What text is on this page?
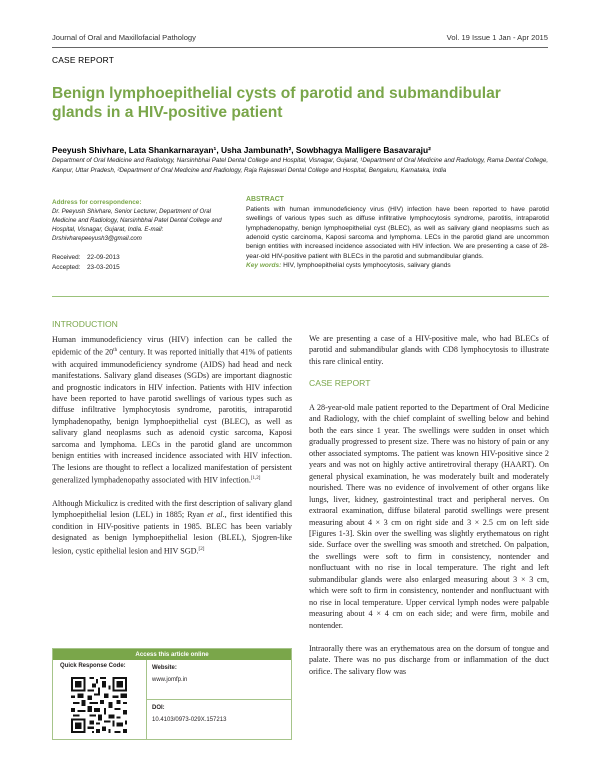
Journal of Oral and Maxillofacial Pathology	Vol. 19 Issue 1 Jan - Apr 2015
CASE REPORT
Benign lymphoepithelial cysts of parotid and submandibular glands in a HIV-positive patient
Peeyush Shivhare, Lata Shankarnarayan¹, Usha Jambunath², Sowbhagya Malligere Basavaraju²
Department of Oral Medicine and Radiology, Narsinhbhai Patel Dental College and Hospital, Visnagar, Gujarat, ¹Department of Oral Medicine and Radiology, Rama Dental College, Kanpur, Uttar Pradesh, ²Department of Oral Medicine and Radiology, Raja Rajeswari Dental College and Hospital, Bengaluru, Karnataka, India
Address for correspondence:
Dr. Peeyush Shivhare, Senior Lecturer, Department of Oral Medicine and Radiology, Narsinhbhai Patel Dental College and Hospital, Visnagar, Gujarat, India. E-mail: Drshivharepeeyush3@gmail.com
Received: 22-09-2013
Accepted: 23-03-2015
ABSTRACT
Patients with human immunodeficiency virus (HIV) infection have been reported to have parotid swellings of various types such as diffuse infiltrative lymphocytosis syndrome, parotitis, intraparotid lymphadenopathy, benign lymphoepithelial cyst (BLEC), as well as salivary gland neoplasms such as adenoid cystic carcinoma, Kaposi sarcoma and lymphoma. LECs in the parotid gland are uncommon benign entities with increased incidence associated with HIV infection. We are presenting a case of 28-year-old HIV-positive patient with BLECs in the parotid and submandibular glands.
Key words: HIV, lymphoepithelial cysts lymphocytosis, salivary glands
INTRODUCTION

Human immunodeficiency virus (HIV) infection can be called the epidemic of the 20th century. It was reported initially that 41% of patients with acquired immunodeficiency syndrome (AIDS) had head and neck manifestations. Salivary gland diseases (SGDs) are important diagnostic and prognostic indicators in HIV infection. Patients with HIV infection have been reported to have parotid swellings of various types such as diffuse infiltrative lymphocytosis syndrome, parotitis, intraparotid lymphadenopathy, benign lymphoepithelial cyst (BLEC), as well as salivary gland neoplasms such as adenoid cystic sarcoma, Kaposi sarcoma and lymphoma. LECs in the parotid gland are uncommon benign entities with increased incidence associated with HIV infection. The lesions are thought to reflect a localized manifestation of persistent generalized lymphadenopathy associated with HIV infection.[1,2]

Although Mickulicz is credited with the first description of salivary gland lymphoepithelial lesion (LEL) in 1885; Ryan et al., first identified this condition in HIV-positive patients in 1985. BLEC has been variably designated as benign lymphoepithelial lesion (BLEL), Sjogren-like lesion, cystic epithelial lesion and HIV SGD.[2]

We are presenting a case of a HIV-positive male, who had BLECs of parotid and submandibular glands with CD8 lymphocytosis to illustrate this rare clinical entity.

CASE REPORT

A 28-year-old male patient reported to the Department of Oral Medicine and Radiology, with the chief complaint of swelling below and behind both the ears since 1 year. The swellings were sudden in onset which gradually progressed to present size. There was no history of pain or any other associated symptoms. The patient was known HIV-positive since 2 years and was not on highly active antiretroviral therapy (HAART). On general physical examination, he was moderately built and moderately nourished. There was no evidence of involvement of other organs like lungs, liver, kidney, gastrointestinal tract and peripheral nerves. On extraoral examination, diffuse bilateral parotid swellings were present measuring about 4 × 3 cm on right side and 3 × 2.5 cm on left side [Figures 1-3]. Skin over the swelling was slightly erythematous on right side. Surface over the swelling was smooth and stretched. On palpation, the swellings were soft to firm in consistency, nontender and nonfluctuant with no rise in local temperature. The right and left submandibular glands were also enlarged measuring about 3 × 3 cm, which were soft to firm in consistency, nontender and nonfluctuant with no rise in local temperature. Upper cervical lymph nodes were palpable measuring about 4 × 4 cm on each side; and were firm, mobile and nontender.

Intraorally there was an erythematous area on the dorsum of tongue and palate. There was no pus discharge from or inflammation of the duct orifice. The salivary flow was

Access this article online
Quick Response Code:	Website:
www.jomfp.in
DOI:
10.4103/0973-029X.157213
